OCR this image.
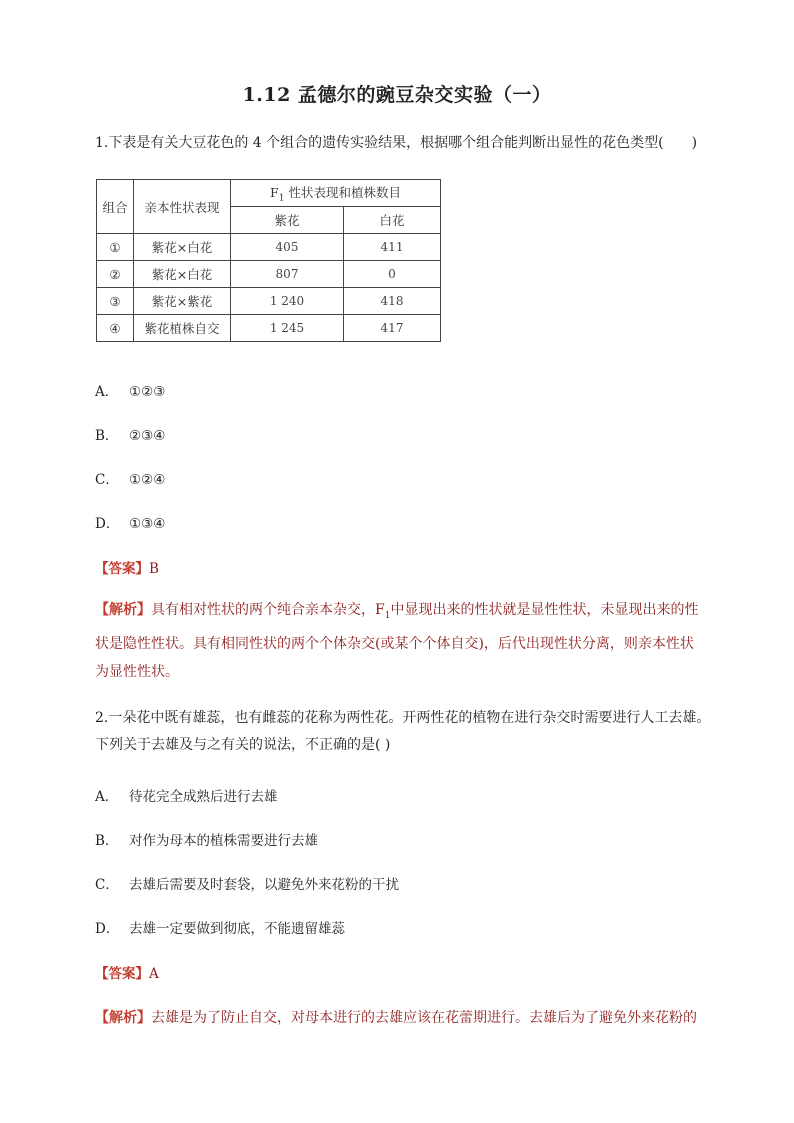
1.12 孟德尔的豌豆杂交实验（一）
1.下表是有关大豆花色的 4 个组合的遗传实验结果，根据哪个组合能判断出显性的花色类型(　　)
组合	亲本性状表现	$F_1$ 性状表现和植株数目	
		紫花	白花
①	紫花×白花	405	411
②	紫花×白花	807	0
③	紫花×紫花	1 240	418
④	紫花植株自交	1 245	417
A． ①②③
B． ②③④
C． ①②④
D． ①③④
【答案】B
【解析】具有相对性状的两个纯合亲本杂交，$F_1$中显现出来的性状就是显性性状，未显现出来的性状是隐性性状。具有相同性状的两个个体杂交(或某个个体自交)，后代出现性状分离，则亲本性状为显性性状。
2.一朵花中既有雄蕊，也有雌蕊的花称为两性花。开两性花的植物在进行杂交时需要进行人工去雄。下列关于去雄及与之有关的说法，不正确的是( )
A． 待花完全成熟后进行去雄
B． 对作为母本的植株需要进行去雄
C． 去雄后需要及时套袋，以避免外来花粉的干扰
D． 去雄一定要做到彻底，不能遗留雄蕊
【答案】A
【解析】去雄是为了防止自交，对母本进行的去雄应该在花蕾期进行。去雄后为了避免外来花粉的
